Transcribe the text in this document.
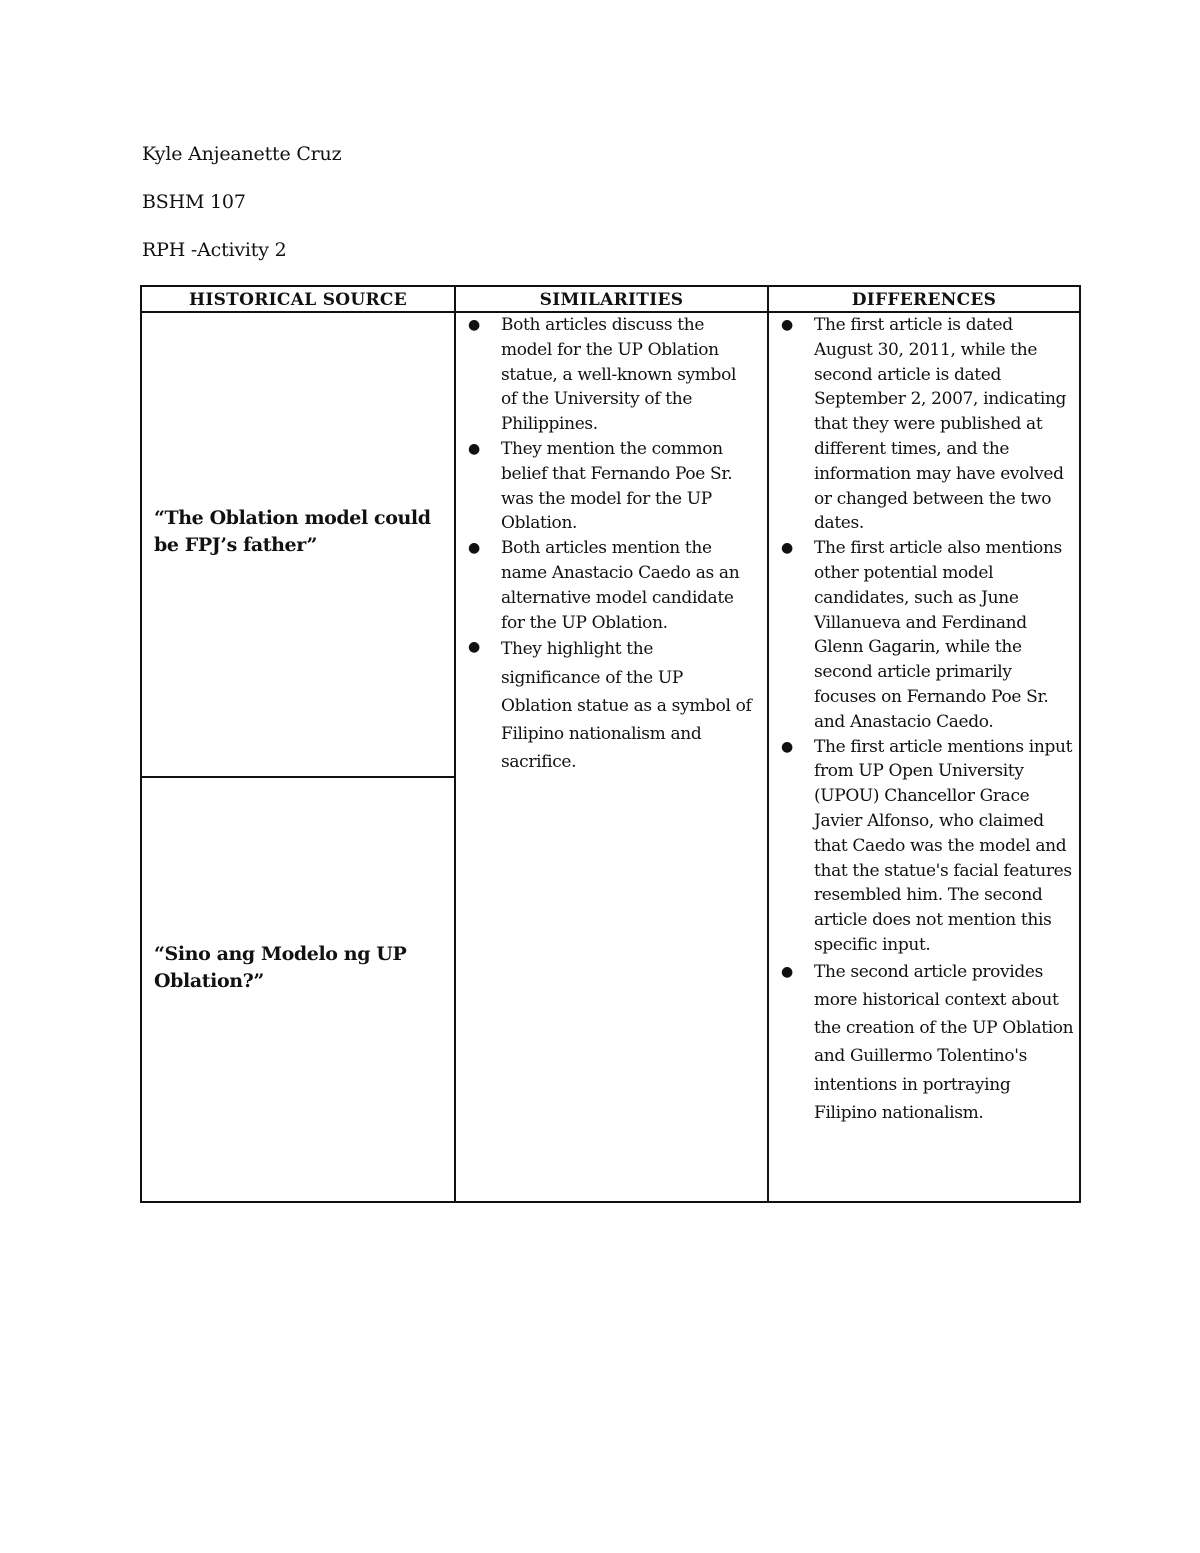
Kyle Anjeanette Cruz
BSHM 107
RPH -Activity 2
HISTORICAL SOURCE	SIMILARITIES	DIFFERENCES
“The Oblation model could be FPJ’s father”
“Sino ang Modelo ng UP Oblation?”
● Both articles discuss the model for the UP Oblation statue, a well-known symbol of the University of the Philippines.
● They mention the common belief that Fernando Poe Sr. was the model for the UP Oblation.
● Both articles mention the name Anastacio Caedo as an alternative model candidate for the UP Oblation.
● They highlight the significance of the UP Oblation statue as a symbol of Filipino nationalism and sacrifice.
● The first article is dated August 30, 2011, while the second article is dated September 2, 2007, indicating that they were published at different times, and the information may have evolved or changed between the two dates.
● The first article also mentions other potential model candidates, such as June Villanueva and Ferdinand Glenn Gagarin, while the second article primarily focuses on Fernando Poe Sr. and Anastacio Caedo.
● The first article mentions input from UP Open University (UPOU) Chancellor Grace Javier Alfonso, who claimed that Caedo was the model and that the statue's facial features resembled him. The second article does not mention this specific input.
● The second article provides more historical context about the creation of the UP Oblation and Guillermo Tolentino's intentions in portraying Filipino nationalism.
